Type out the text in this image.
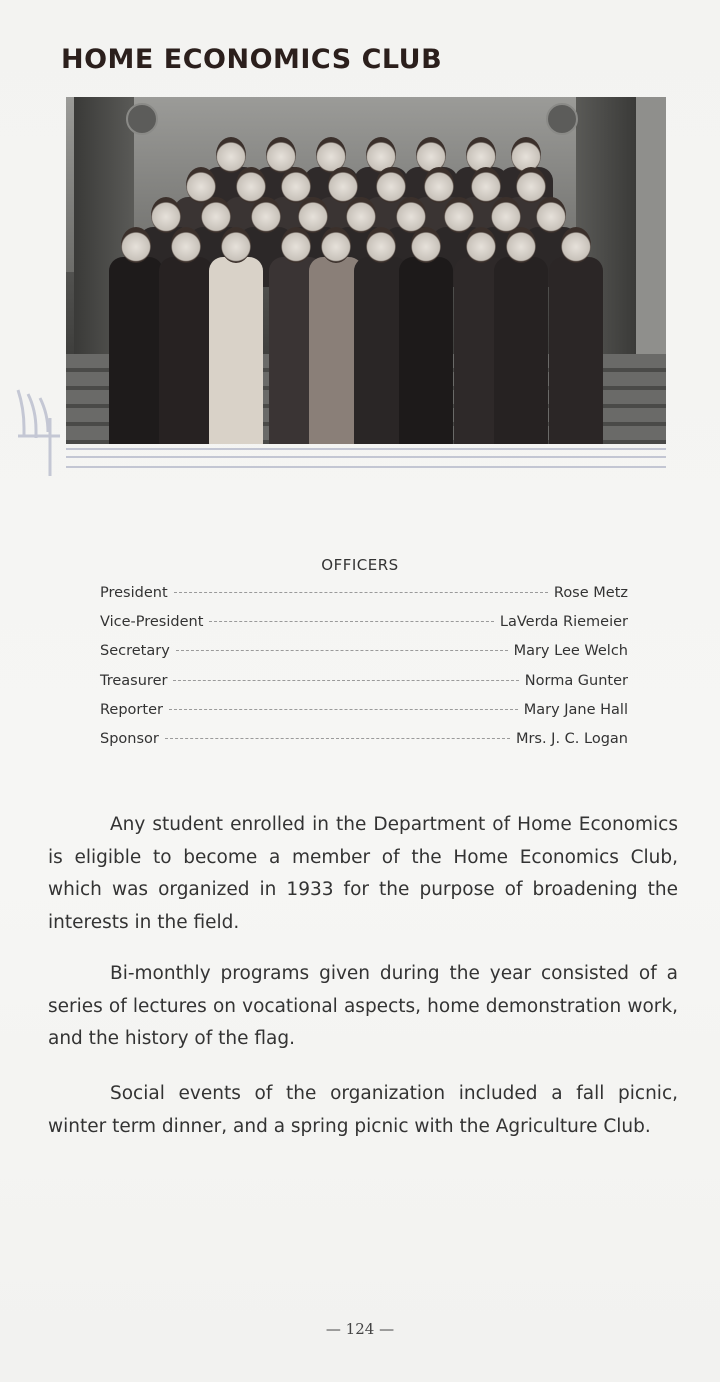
HOME ECONOMICS CLUB
OFFICERS
President	Rose Metz
Vice-President	LaVerda Riemeier
Secretary	Mary Lee Welch
Treasurer	Norma Gunter
Reporter	Mary Jane Hall
Sponsor	Mrs. J. C. Logan
Any student enrolled in the Department of Home Economics is eligible to become a member of the Home Economics Club, which was organized in 1933 for the purpose of broadening the interests in the field.
Bi-monthly programs given during the year consisted of a series of lectures on vocational aspects, home demonstration work, and the history of the flag.
Social events of the organization included a fall picnic, winter term dinner, and a spring picnic with the Agriculture Club.
— 124 —
